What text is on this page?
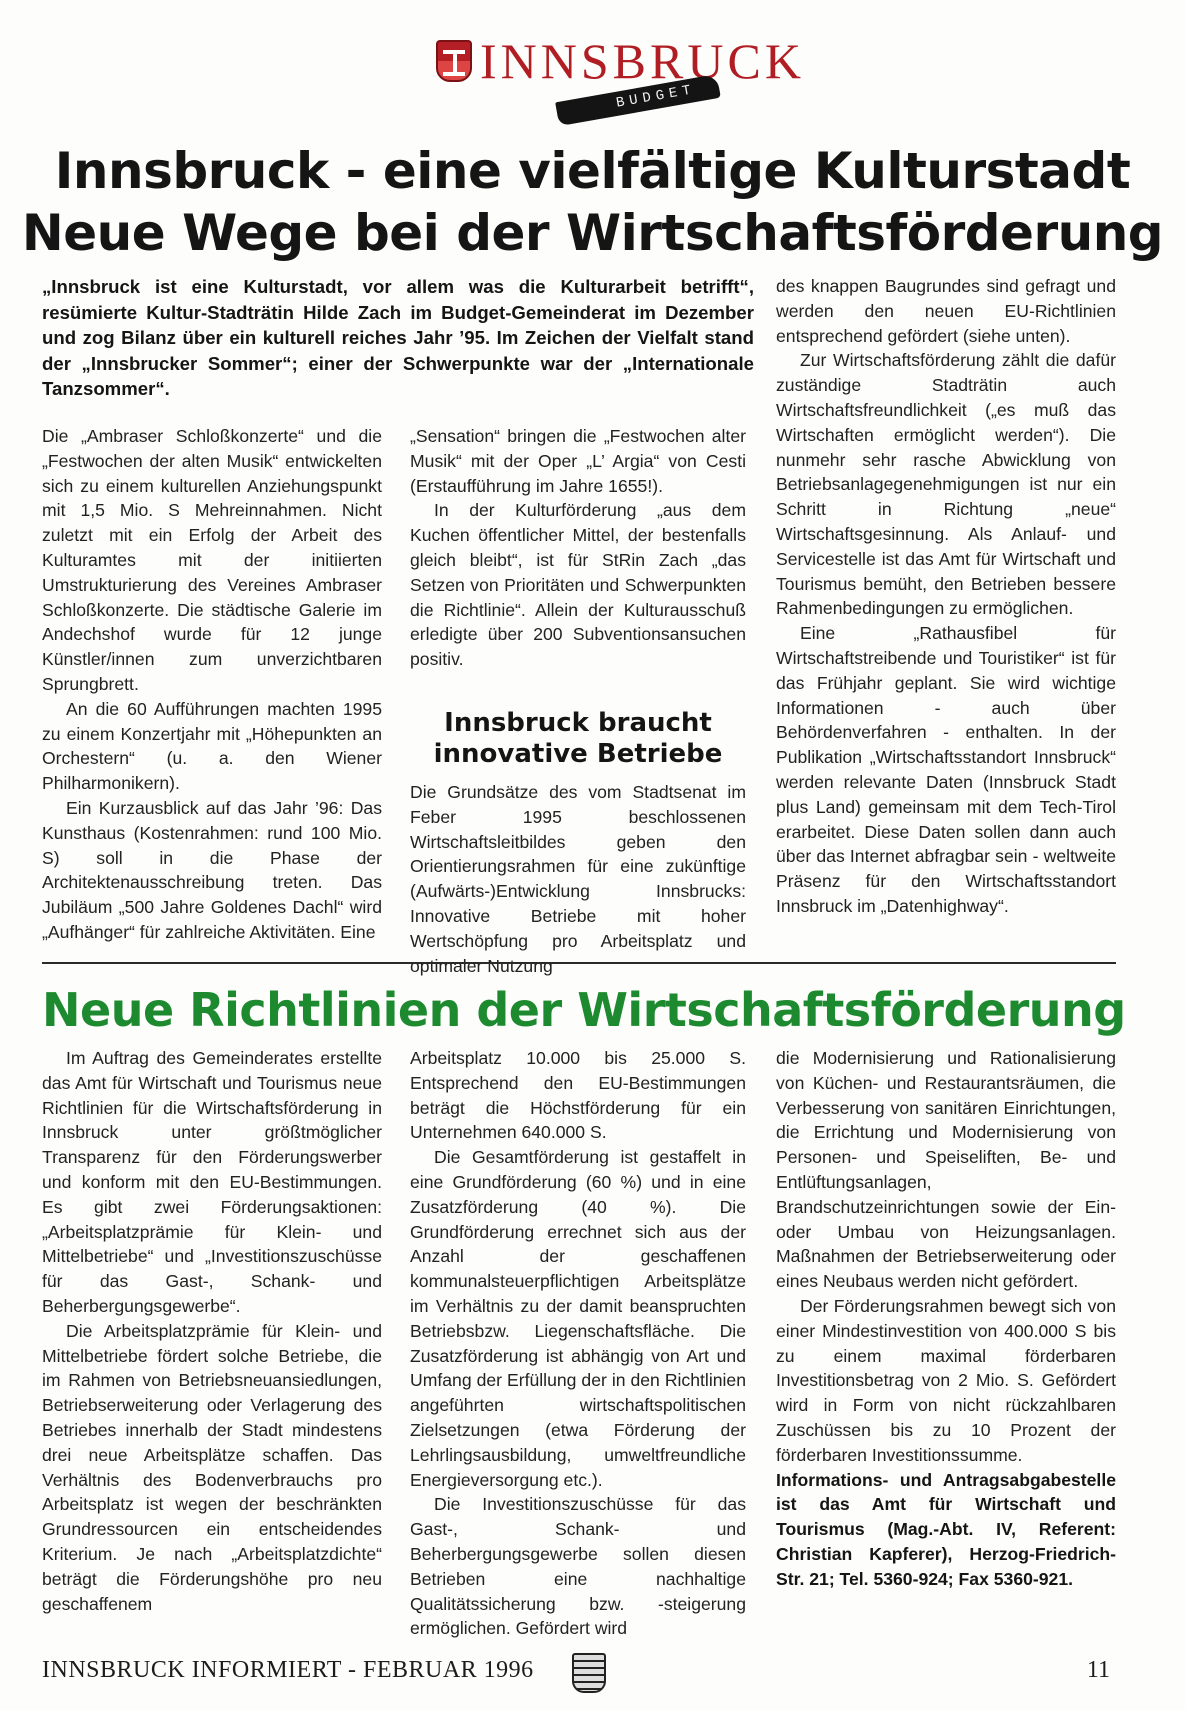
INNSBRUCK
BUDGET
Innsbruck - eine vielfältige Kulturstadt
Neue Wege bei der Wirtschaftsförderung
„Innsbruck ist eine Kulturstadt, vor allem was die Kulturarbeit betrifft“, resümierte Kultur-Stadträtin Hilde Zach im Budget-Gemeinderat im Dezember und zog Bilanz über ein kulturell reiches Jahr ’95. Im Zeichen der Vielfalt stand der „Innsbrucker Sommer“; einer der Schwerpunkte war der „Internationale Tanzsommer“.

Die „Ambraser Schloßkonzerte“ und die „Festwochen der alten Musik“ entwickelten sich zu einem kulturellen Anziehungspunkt mit 1,5 Mio. S Mehreinnahmen. Nicht zuletzt mit ein Erfolg der Arbeit des Kulturamtes mit der initiierten Umstrukturierung des Vereines Ambraser Schloßkonzerte. Die städtische Galerie im Andechshof wurde für 12 junge Künstler/innen zum unverzichtbaren Sprungbrett.

An die 60 Aufführungen machten 1995 zu einem Konzertjahr mit „Höhepunkten an Orchestern“ (u. a. den Wiener Philharmonikern).

Ein Kurzausblick auf das Jahr ’96: Das Kunsthaus (Kostenrahmen: rund 100 Mio. S) soll in die Phase der Architektenausschreibung treten. Das Jubiläum „500 Jahre Goldenes Dachl“ wird „Aufhänger“ für zahlreiche Aktivitäten. Eine

„Sensation“ bringen die „Festwochen alter Musik“ mit der Oper „L’ Argia“ von Cesti (Erstaufführung im Jahre 1655!).

In der Kulturförderung „aus dem Kuchen öffentlicher Mittel, der bestenfalls gleich bleibt“, ist für StRin Zach „das Setzen von Prioritäten und Schwerpunkten die Richtlinie“. Allein der Kulturausschuß erledigte über 200 Subventionsansuchen positiv.

Innsbruck braucht
innovative Betriebe

Die Grundsätze des vom Stadtsenat im Feber 1995 beschlossenen Wirtschaftsleitbildes geben den Orientierungsrahmen für eine zukünftige (Aufwärts-)Entwicklung Innsbrucks: Innovative Betriebe mit hoher Wertschöpfung pro Arbeitsplatz und optimaler Nutzung

des knappen Baugrundes sind gefragt und werden den neuen EU-Richtlinien entsprechend gefördert (siehe unten).

Zur Wirtschaftsförderung zählt die dafür zuständige Stadträtin auch Wirtschaftsfreundlichkeit („es muß das Wirtschaften ermöglicht werden“). Die nunmehr sehr rasche Abwicklung von Betriebsanlagegenehmigungen ist nur ein Schritt in Richtung „neue“ Wirtschaftsgesinnung. Als Anlauf- und Servicestelle ist das Amt für Wirtschaft und Tourismus bemüht, den Betrieben bessere Rahmenbedingungen zu ermöglichen.

Eine „Rathausfibel für Wirtschaftstreibende und Touristiker“ ist für das Frühjahr geplant. Sie wird wichtige Informationen - auch über Behördenverfahren - enthalten. In der Publikation „Wirtschaftsstandort Innsbruck“ werden relevante Daten (Innsbruck Stadt plus Land) gemeinsam mit dem Tech-Tirol erarbeitet. Diese Daten sollen dann auch über das Internet abfragbar sein - weltweite Präsenz für den Wirtschaftsstandort Innsbruck im „Datenhighway“.

Neue Richtlinien der Wirtschaftsförderung

Im Auftrag des Gemeinderates erstellte das Amt für Wirtschaft und Tourismus neue Richtlinien für die Wirtschaftsförderung in Innsbruck unter größtmöglicher Transparenz für den Förderungswerber und konform mit den EU-Bestimmungen. Es gibt zwei Förderungsaktionen: „Arbeitsplatzprämie für Klein- und Mittelbetriebe“ und „Investitionszuschüsse für das Gast-, Schank- und Beherbergungsgewerbe“.

Die Arbeitsplatzprämie für Klein- und Mittelbetriebe fördert solche Betriebe, die im Rahmen von Betriebsneuansiedlungen, Betriebserweiterung oder Verlagerung des Betriebes innerhalb der Stadt mindestens drei neue Arbeitsplätze schaffen. Das Verhältnis des Bodenverbrauchs pro Arbeitsplatz ist wegen der beschränkten Grundressourcen ein entscheidendes Kriterium. Je nach „Arbeitsplatzdichte“ beträgt die Förderungshöhe pro neu geschaffenem

Arbeitsplatz 10.000 bis 25.000 S. Entsprechend den EU-Bestimmungen beträgt die Höchstförderung für ein Unternehmen 640.000 S.

Die Gesamtförderung ist gestaffelt in eine Grundförderung (60 %) und in eine Zusatzförderung (40 %). Die Grundförderung errechnet sich aus der Anzahl der geschaffenen kommunalsteuerpflichtigen Arbeitsplätze im Verhältnis zu der damit beanspruchten Betriebsbzw. Liegenschaftsfläche. Die Zusatzförderung ist abhängig von Art und Umfang der Erfüllung der in den Richtlinien angeführten wirtschaftspolitischen Zielsetzungen (etwa Förderung der Lehrlingsausbildung, umweltfreundliche Energieversorgung etc.).

Die Investitionszuschüsse für das Gast-, Schank- und Beherbergungsgewerbe sollen diesen Betrieben eine nachhaltige Qualitätssicherung bzw. -steigerung ermöglichen. Gefördert wird

die Modernisierung und Rationalisierung von Küchen- und Restaurantsräumen, die Verbesserung von sanitären Einrichtungen, die Errichtung und Modernisierung von Personen- und Speiseliften, Be- und Entlüftungsanlagen, Brandschutzeinrichtungen sowie der Ein- oder Umbau von Heizungsanlagen. Maßnahmen der Betriebserweiterung oder eines Neubaus werden nicht gefördert.

Der Förderungsrahmen bewegt sich von einer Mindestinvestition von 400.000 S bis zu einem maximal förderbaren Investitionsbetrag von 2 Mio. S. Gefördert wird in Form von nicht rückzahlbaren Zuschüssen bis zu 10 Prozent der förderbaren Investitionssumme.

Informations- und Antragsabgabestelle ist das Amt für Wirtschaft und Tourismus (Mag.-Abt. IV, Referent: Christian Kapferer), Herzog-Friedrich-Str. 21; Tel. 5360-924; Fax 5360-921.

INNSBRUCK INFORMIERT - FEBRUAR 1996	11
